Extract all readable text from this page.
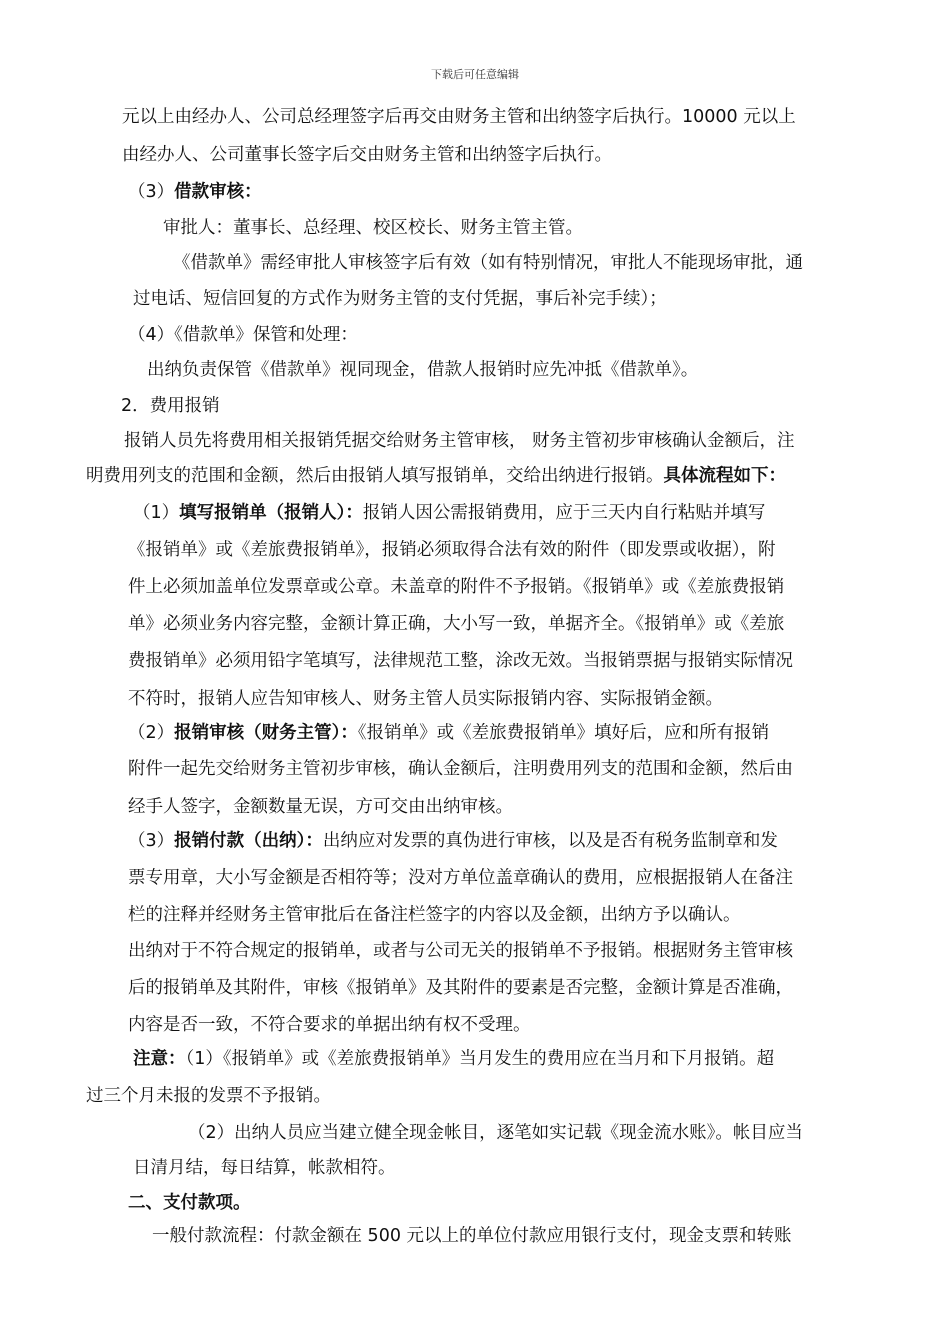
下载后可任意编辑
元以上由经办人、公司总经理签字后再交由财务主管和出纳签字后执行。10000 元以上
由经办人、公司董事长签字后交由财务主管和出纳签字后执行。
（3）借款审核：
审批人：董事长、总经理、校区校长、财务主管主管。
《借款单》需经审批人审核签字后有效（如有特别情况，审批人不能现场审批，通
过电话、短信回复的方式作为财务主管的支付凭据，事后补完手续）；
（4）《借款单》保管和处理：
出纳负责保管《借款单》视同现金，借款人报销时应先冲抵《借款单》。
2．费用报销
报销人员先将费用相关报销凭据交给财务主管审核， 财务主管初步审核确认金额后，注
明费用列支的范围和金额，然后由报销人填写报销单，交给出纳进行报销。具体流程如下：
（1）填写报销单（报销人）：报销人因公需报销费用，应于三天内自行粘贴并填写
《报销单》或《差旅费报销单》，报销必须取得合法有效的附件（即发票或收据），附
件上必须加盖单位发票章或公章。未盖章的附件不予报销。《报销单》或《差旅费报销
单》必须业务内容完整，金额计算正确，大小写一致，单据齐全。《报销单》或《差旅
费报销单》必须用铅字笔填写，法律规范工整，涂改无效。当报销票据与报销实际情况
不符时，报销人应告知审核人、财务主管人员实际报销内容、实际报销金额。
（2）报销审核（财务主管）：《报销单》或《差旅费报销单》填好后，应和所有报销
附件一起先交给财务主管初步审核，确认金额后，注明费用列支的范围和金额，然后由
经手人签字，金额数量无误，方可交由出纳审核。
（3）报销付款（出纳）：出纳应对发票的真伪进行审核，以及是否有税务监制章和发
票专用章，大小写金额是否相符等；没对方单位盖章确认的费用，应根据报销人在备注
栏的注释并经财务主管审批后在备注栏签字的内容以及金额，出纳方予以确认。
出纳对于不符合规定的报销单，或者与公司无关的报销单不予报销。根据财务主管审核
后的报销单及其附件，审核《报销单》及其附件的要素是否完整，金额计算是否准确，
内容是否一致，不符合要求的单据出纳有权不受理。
注意：（1）《报销单》或《差旅费报销单》当月发生的费用应在当月和下月报销。超
过三个月未报的发票不予报销。
（2）出纳人员应当建立健全现金帐目，逐笔如实记载《现金流水账》。帐目应当
日清月结，每日结算，帐款相符。
二、支付款项。
一般付款流程：付款金额在 500 元以上的单位付款应用银行支付，现金支票和转账
